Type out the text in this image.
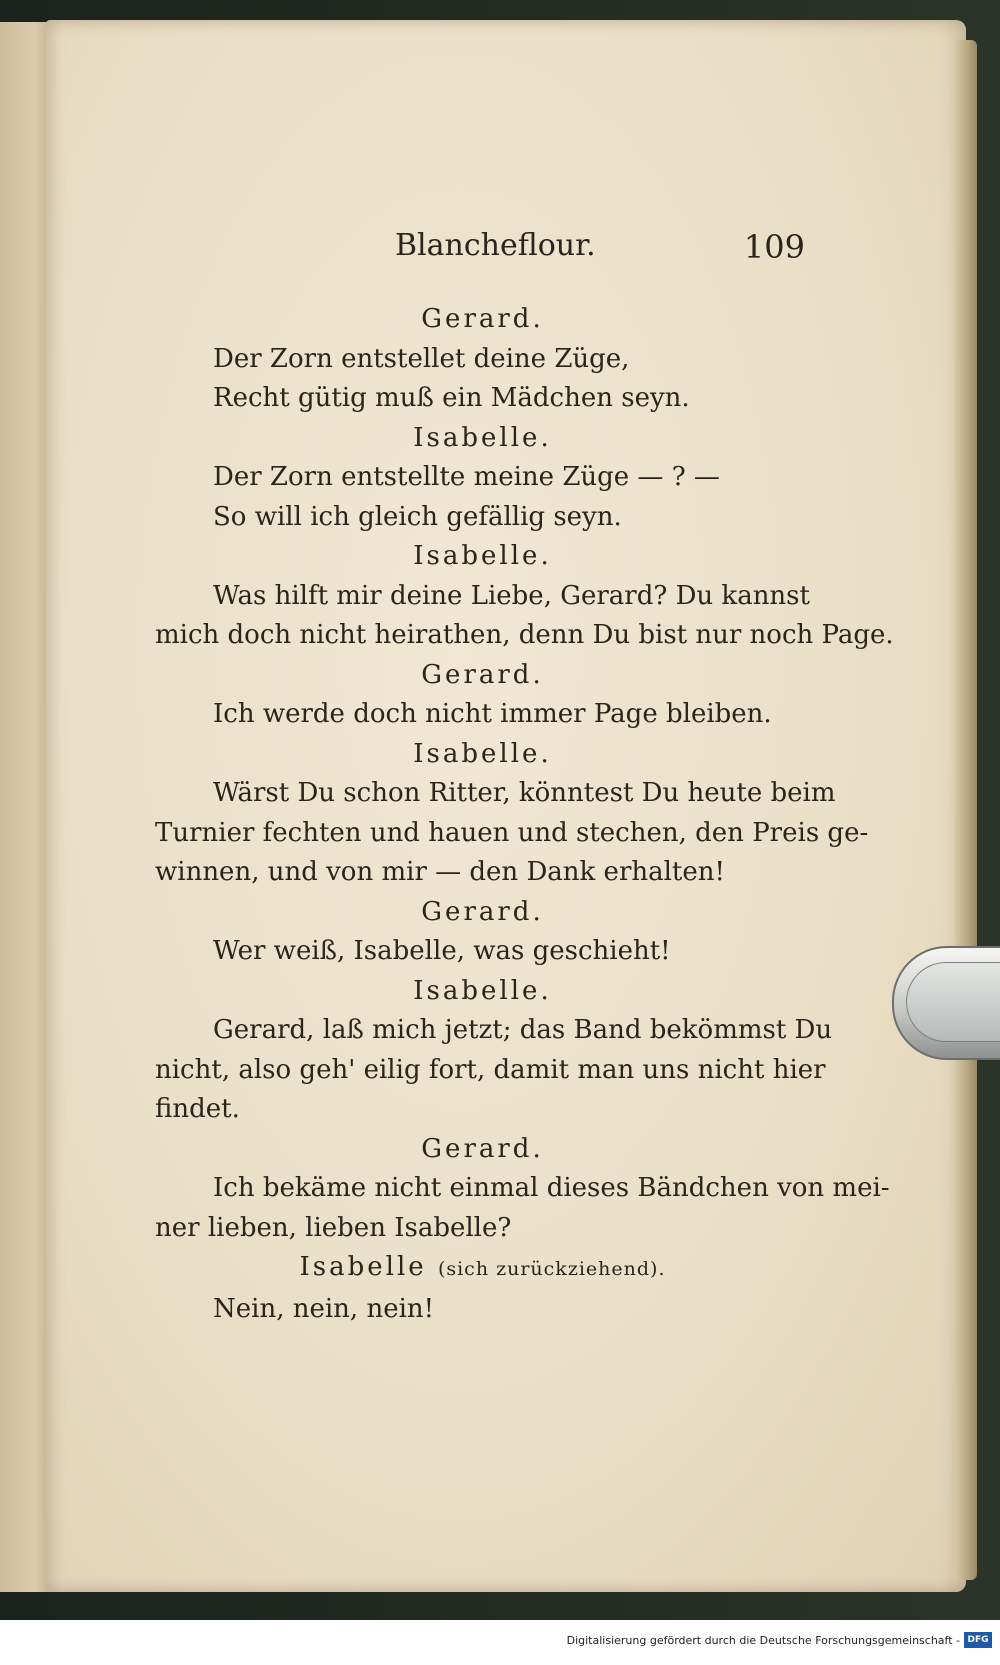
Blancheflour.	109
Gerard.
Der Zorn entstellet deine Züge,
Recht gütig muß ein Mädchen seyn.
Isabelle.
Der Zorn entstellte meine Züge — ? —
So will ich gleich gefällig seyn.
Isabelle.
Was hilft mir deine Liebe, Gerard? Du kannst
mich doch nicht heirathen, denn Du bist nur noch Page.
Gerard.
Ich werde doch nicht immer Page bleiben.
Isabelle.
Wärst Du schon Ritter, könntest Du heute beim
Turnier fechten und hauen und stechen, den Preis ge-
winnen, und von mir — den Dank erhalten!
Gerard.
Wer weiß, Isabelle, was geschieht!
Isabelle.
Gerard, laß mich jetzt; das Band bekömmst Du
nicht, also geh' eilig fort, damit man uns nicht hier
findet.
Gerard.
Ich bekäme nicht einmal dieses Bändchen von mei-
ner lieben, lieben Isabelle?
Isabelle (sich zurückziehend).
Nein, nein, nein!
Digitalisierung gefördert durch die Deutsche Forschungsgemeinschaft - DFG
